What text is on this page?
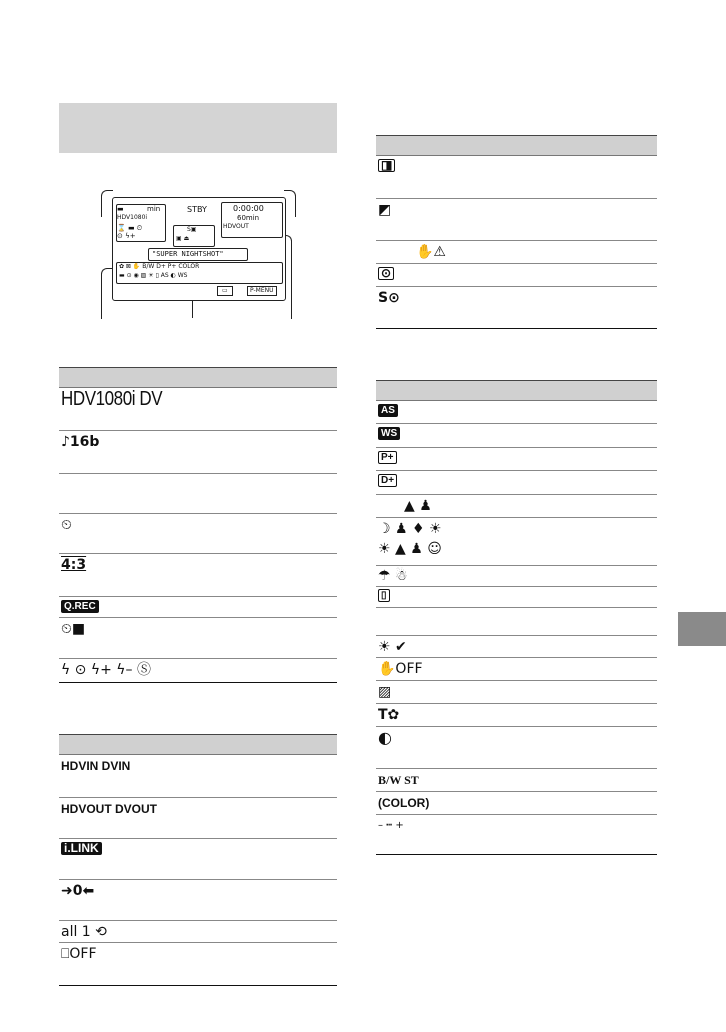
▬	min
HDV1080i
⌛ ▬ ⏲
⊙ ϟ+
STBY	0:00:00
60min
HDVOUT
S▣
▣ ⏏
"SUPER NIGHTSHOT"
✿ ⊠ ✋ B/W D+ P+ COLOR
▬ ⊙ ◉ ▨ ☀ ▯ AS ◐ WS
▭	P-MENU
HDV1080i DV
♪16b
⏲
4:3
Q.REC
⏲■
ϟ ⊙ ϟ+ ϟ– Ⓢ
HDVIN DVIN
HDVOUT DVOUT
i.LINK
➜0⬅
all 1 ⟲
⎕OFF
◨
◩
✋⚠
⊙
S⊙
AS
WS
P+
D+
▲ ♟
☽ ♟ ♦ ☀
☀ ▲ ♟ ☺
☂ ☃
▯
☀ ✔
✋OFF
▨
T✿
◐
B/W ST
(COLOR)
– ┅ +
